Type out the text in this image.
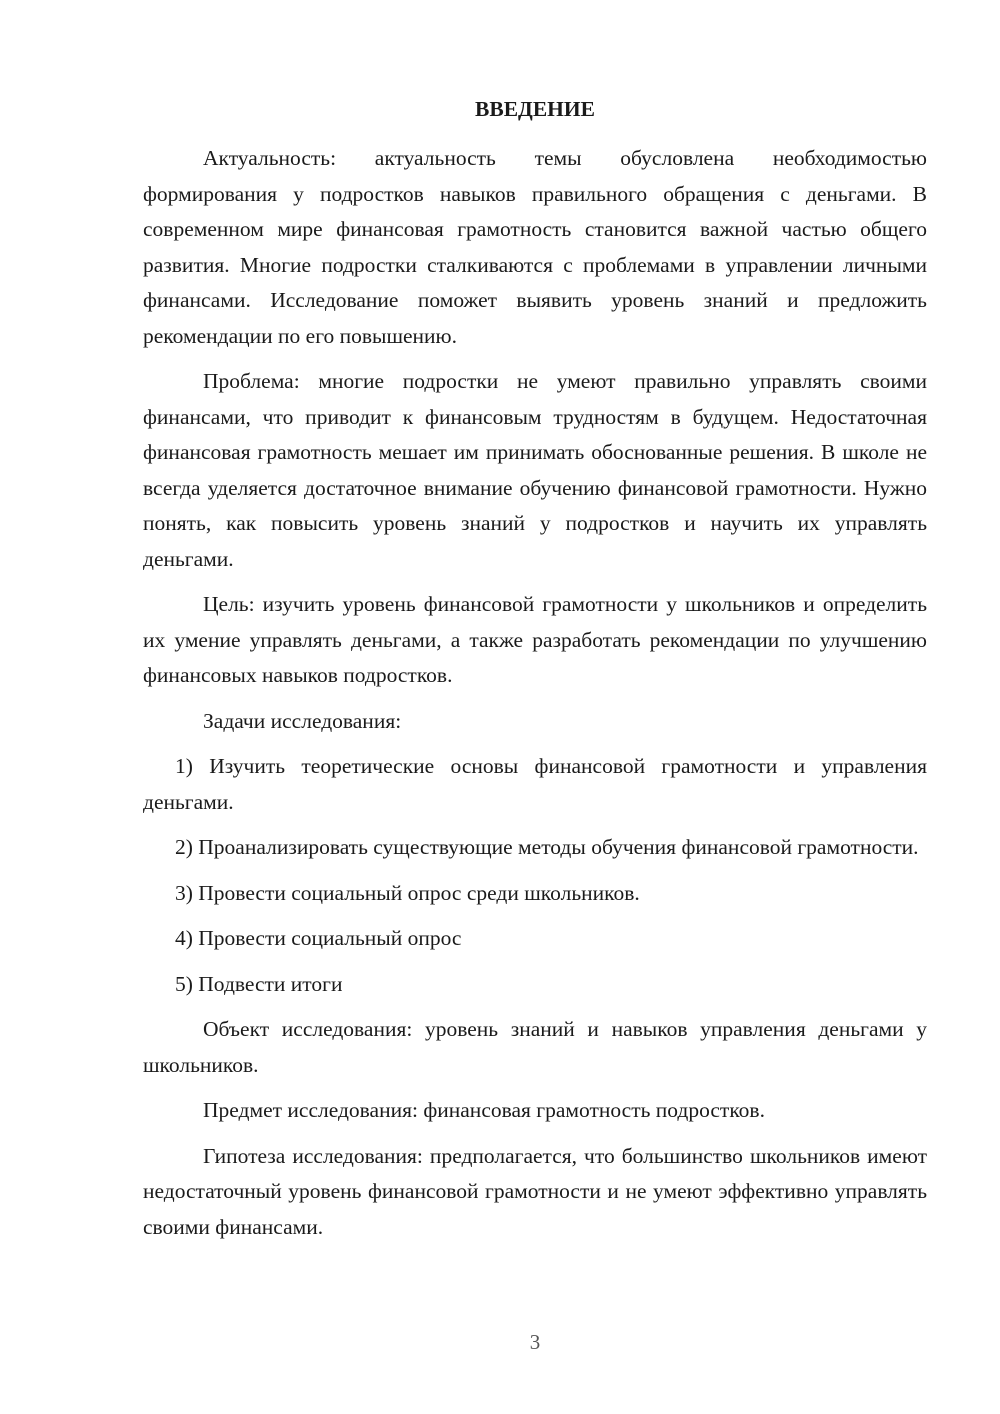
ВВЕДЕНИЕ

Актуальность: актуальность темы обусловлена необходимостью формирования у подростков навыков правильного обращения с деньгами. В современном мире финансовая грамотность становится важной частью общего развития. Многие подростки сталкиваются с проблемами в управлении личными финансами. Исследование поможет выявить уровень знаний и предложить рекомендации по его повышению.

Проблема: многие подростки не умеют правильно управлять своими финансами, что приводит к финансовым трудностям в будущем. Недостаточная финансовая грамотность мешает им принимать обоснованные решения. В школе не всегда уделяется достаточное внимание обучению финансовой грамотности. Нужно понять, как повысить уровень знаний у подростков и научить их управлять деньгами.

Цель: изучить уровень финансовой грамотности у школьников и определить их умение управлять деньгами, а также разработать рекомендации по улучшению финансовых навыков подростков.

Задачи исследования:

1) Изучить теоретические основы финансовой грамотности и управления деньгами.

2) Проанализировать существующие методы обучения финансовой грамотности.

3) Провести социальный опрос среди школьников.

4) Провести социальный опрос

5) Подвести итоги

Объект исследования: уровень знаний и навыков управления деньгами у школьников.

Предмет исследования: финансовая грамотность подростков.

Гипотеза исследования: предполагается, что большинство школьников имеют недостаточный уровень финансовой грамотности и не умеют эффективно управлять своими финансами.

3
